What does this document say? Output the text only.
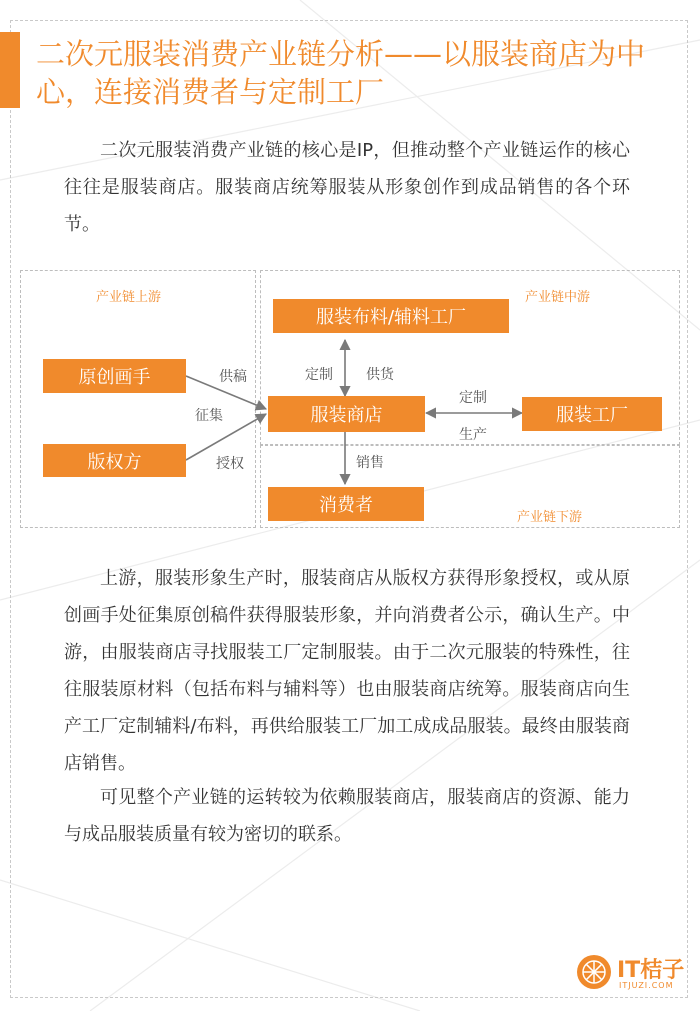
二次元服装消费产业链分析——以服装商店为中心，连接消费者与定制工厂

二次元服装消费产业链的核心是IP，但推动整个产业链运作的核心往往是服装商店。服装商店统筹服装从形象创作到成品销售的各个环节。

产业链上游	产业链中游
产业链下游
原创画手
版权方
服装布料/辅料工厂
服装商店	服装工厂
消费者
供稿
征集
授权
定制 供货
定制
生产
销售

上游，服装形象生产时，服装商店从版权方获得形象授权，或从原创画手处征集原创稿件获得服装形象，并向消费者公示，确认生产。中游，由服装商店寻找服装工厂定制服装。由于二次元服装的特殊性，往往服装原材料（包括布料与辅料等）也由服装商店统筹。服装商店向生产工厂定制辅料/布料，再供给服装工厂加工成成品服装。最终由服装商店销售。

可见整个产业链的运转较为依赖服装商店，服装商店的资源、能力与成品服装质量有较为密切的联系。

IT桔子
ITJUZI.COM
